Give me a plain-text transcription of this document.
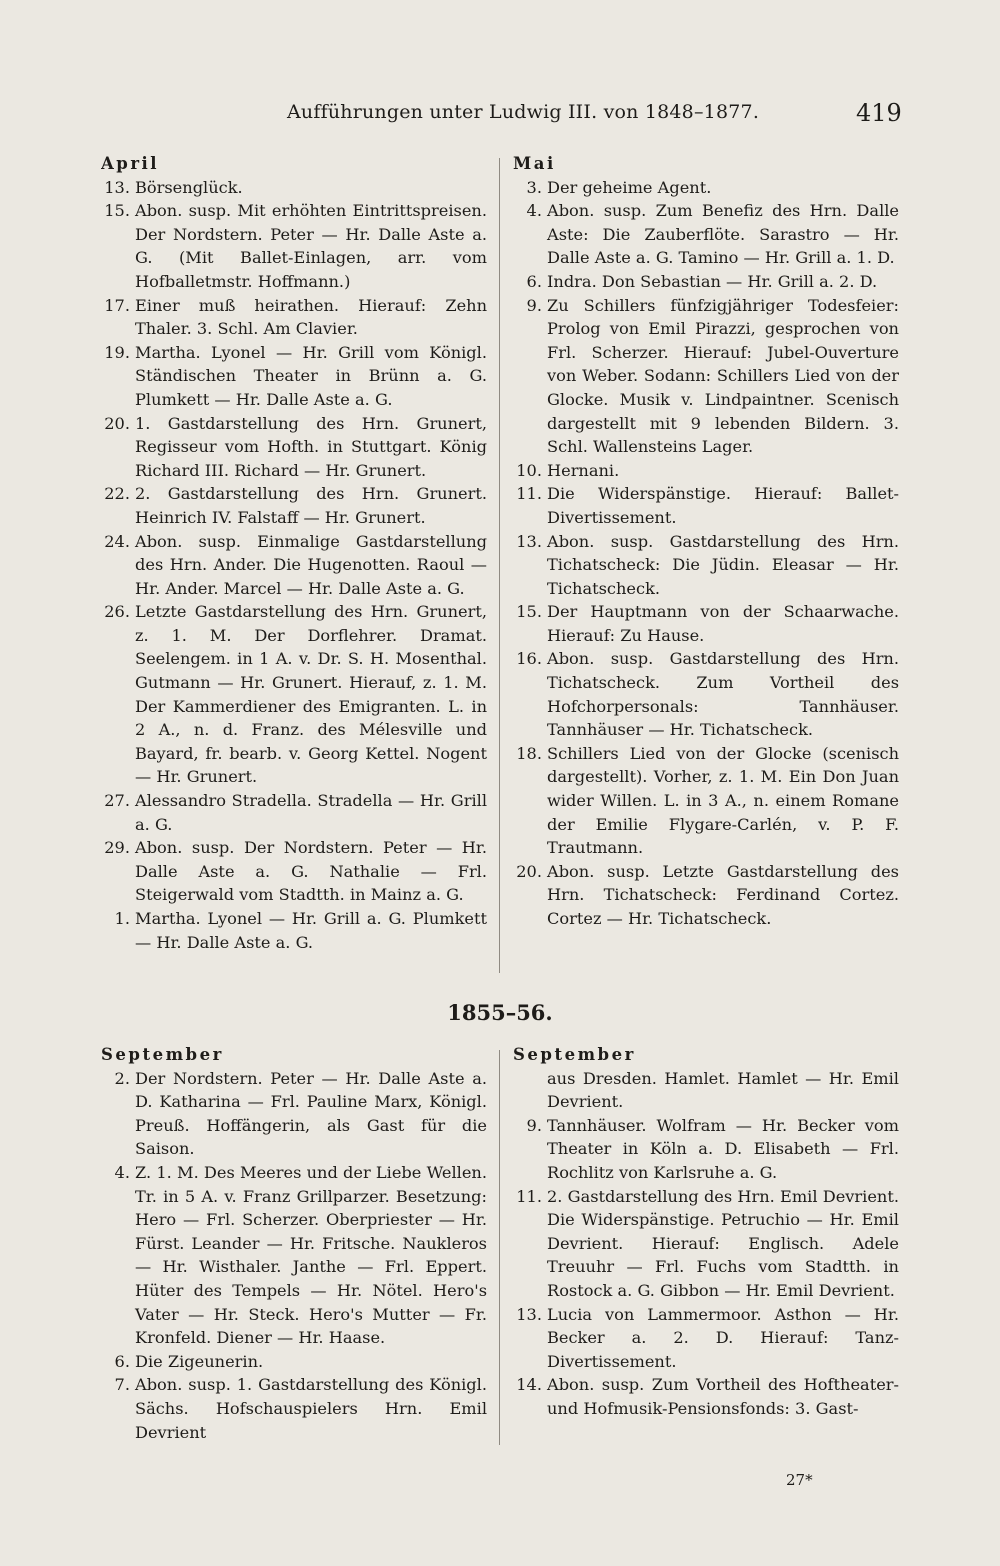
Aufführungen unter Ludwig III. von 1848–1877.	419
April
13. Börsenglück.
15. Abon. susp. Mit erhöhten Eintrittspreisen. Der Nordstern. Peter — Hr. Dalle Aste a. G. (Mit Ballet-Einlagen, arr. vom Hofballetmstr. Hoffmann.)
17. Einer muß heirathen. Hierauf: Zehn Thaler. 3. Schl. Am Clavier.
19. Martha. Lyonel — Hr. Grill vom Königl. Ständischen Theater in Brünn a. G. Plumkett — Hr. Dalle Aste a. G.
20. 1. Gastdarstellung des Hrn. Grunert, Regisseur vom Hofth. in Stuttgart. König Richard III. Richard — Hr. Grunert.
22. 2. Gastdarstellung des Hrn. Grunert. Heinrich IV. Falstaff — Hr. Grunert.
24. Abon. susp. Einmalige Gastdarstellung des Hrn. Ander. Die Hugenotten. Raoul — Hr. Ander. Marcel — Hr. Dalle Aste a. G.
26. Letzte Gastdarstellung des Hrn. Grunert, z. 1. M. Der Dorflehrer. Dramat. Seelengem. in 1 A. v. Dr. S. H. Mosenthal. Gutmann — Hr. Grunert. Hierauf, z. 1. M. Der Kammerdiener des Emigranten. L. in 2 A., n. d. Franz. des Mélesville und Bayard, fr. bearb. v. Georg Kettel. Nogent — Hr. Grunert.
27. Alessandro Stradella. Stradella — Hr. Grill a. G.
29. Abon. susp. Der Nordstern. Peter — Hr. Dalle Aste a. G. Nathalie — Frl. Steigerwald vom Stadtth. in Mainz a. G.
1. Martha. Lyonel — Hr. Grill a. G. Plumkett — Hr. Dalle Aste a. G.
Mai
3. Der geheime Agent.
4. Abon. susp. Zum Benefiz des Hrn. Dalle Aste: Die Zauberflöte. Sarastro — Hr. Dalle Aste a. G. Tamino — Hr. Grill a. 1. D.
6. Indra. Don Sebastian — Hr. Grill a. 2. D.
9. Zu Schillers fünfzigjähriger Todesfeier: Prolog von Emil Pirazzi, gesprochen von Frl. Scherzer. Hierauf: Jubel-Ouverture von Weber. Sodann: Schillers Lied von der Glocke. Musik v. Lindpaintner. Scenisch dargestellt mit 9 lebenden Bildern. 3. Schl. Wallensteins Lager.
10. Hernani.
11. Die Widerspänstige. Hierauf: Ballet-Divertissement.
13. Abon. susp. Gastdarstellung des Hrn. Tichatscheck: Die Jüdin. Eleasar — Hr. Tichatscheck.
15. Der Hauptmann von der Schaarwache. Hierauf: Zu Hause.
16. Abon. susp. Gastdarstellung des Hrn. Tichatscheck. Zum Vortheil des Hofchorpersonals: Tannhäuser. Tannhäuser — Hr. Tichatscheck.
18. Schillers Lied von der Glocke (scenisch dargestellt). Vorher, z. 1. M. Ein Don Juan wider Willen. L. in 3 A., n. einem Romane der Emilie Flygare-Carlén, v. P. F. Trautmann.
20. Abon. susp. Letzte Gastdarstellung des Hrn. Tichatscheck: Ferdinand Cortez. Cortez — Hr. Tichatscheck.
1855–56.
September
2. Der Nordstern. Peter — Hr. Dalle Aste a. D. Katharina — Frl. Pauline Marx, Königl. Preuß. Hoffängerin, als Gast für die Saison.
4. Z. 1. M. Des Meeres und der Liebe Wellen. Tr. in 5 A. v. Franz Grillparzer. Besetzung: Hero — Frl. Scherzer. Oberpriester — Hr. Fürst. Leander — Hr. Fritsche. Naukleros — Hr. Wisthaler. Janthe — Frl. Eppert. Hüter des Tempels — Hr. Nötel. Hero's Vater — Hr. Steck. Hero's Mutter — Fr. Kronfeld. Diener — Hr. Haase.
6. Die Zigeunerin.
7. Abon. susp. 1. Gastdarstellung des Königl. Sächs. Hofschauspielers Hrn. Emil Devrient
September
aus Dresden. Hamlet. Hamlet — Hr. Emil Devrient.
9. Tannhäuser. Wolfram — Hr. Becker vom Theater in Köln a. D. Elisabeth — Frl. Rochlitz von Karlsruhe a. G.
11. 2. Gastdarstellung des Hrn. Emil Devrient. Die Widerspänstige. Petruchio — Hr. Emil Devrient. Hierauf: Englisch. Adele Treuuhr — Frl. Fuchs vom Stadtth. in Rostock a. G. Gibbon — Hr. Emil Devrient.
13. Lucia von Lammermoor. Asthon — Hr. Becker a. 2. D. Hierauf: Tanz-Divertissement.
14. Abon. susp. Zum Vortheil des Hoftheater- und Hofmusik-Pensionsfonds: 3. Gast-
27*
